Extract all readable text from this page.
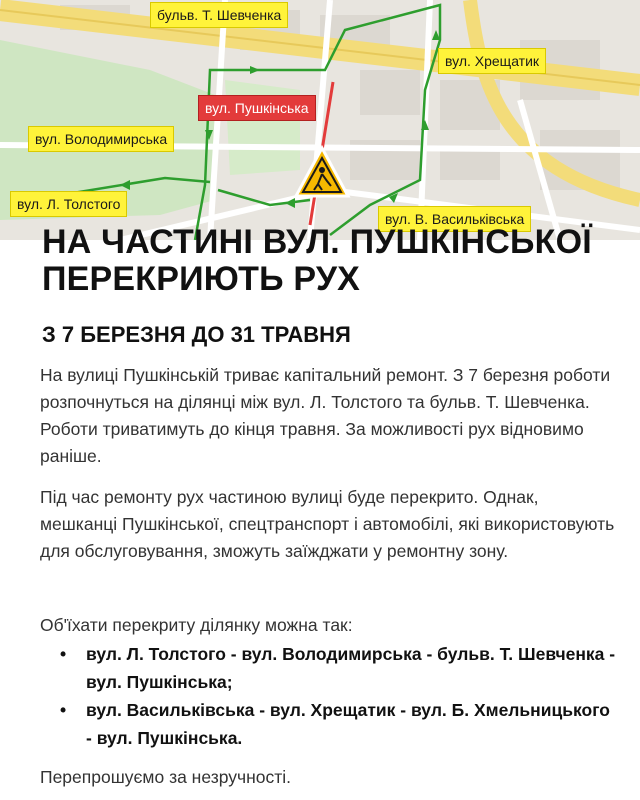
бульв. Т. Шевченка
вул. Хрещатик
вул. Пушкінська
вул. Володимирська
вул. Л. Толстого
вул. В. Васильківська
НА ЧАСТИНІ ВУЛ. ПУШКІНСЬКОЇ ПЕРЕКРИЮТЬ РУХ
З 7 БЕРЕЗНЯ ДО 31 ТРАВНЯ

На вулиці Пушкінській триває капітальний ремонт. З 7 березня роботи розпочнуться на ділянці між вул. Л. Толстого та бульв. Т. Шевченка. Роботи триватимуть до кінця травня. За можливості рух відновимо раніше.

Під час ремонту рух частиною вулиці буде перекрито. Однак, мешканці Пушкінської, спецтранспорт і автомобілі, які використовують для обслуговування, зможуть заїжджати у ремонтну зону.

Об'їхати перекриту ділянку можна так:

• вул. Л. Толстого - вул. Володимирська - бульв. Т. Шевченка - вул. Пушкінська;
• вул. Васильківська - вул. Хрещатик - вул. Б. Хмельницького - вул. Пушкінська.

Перепрошуємо за незручності.
